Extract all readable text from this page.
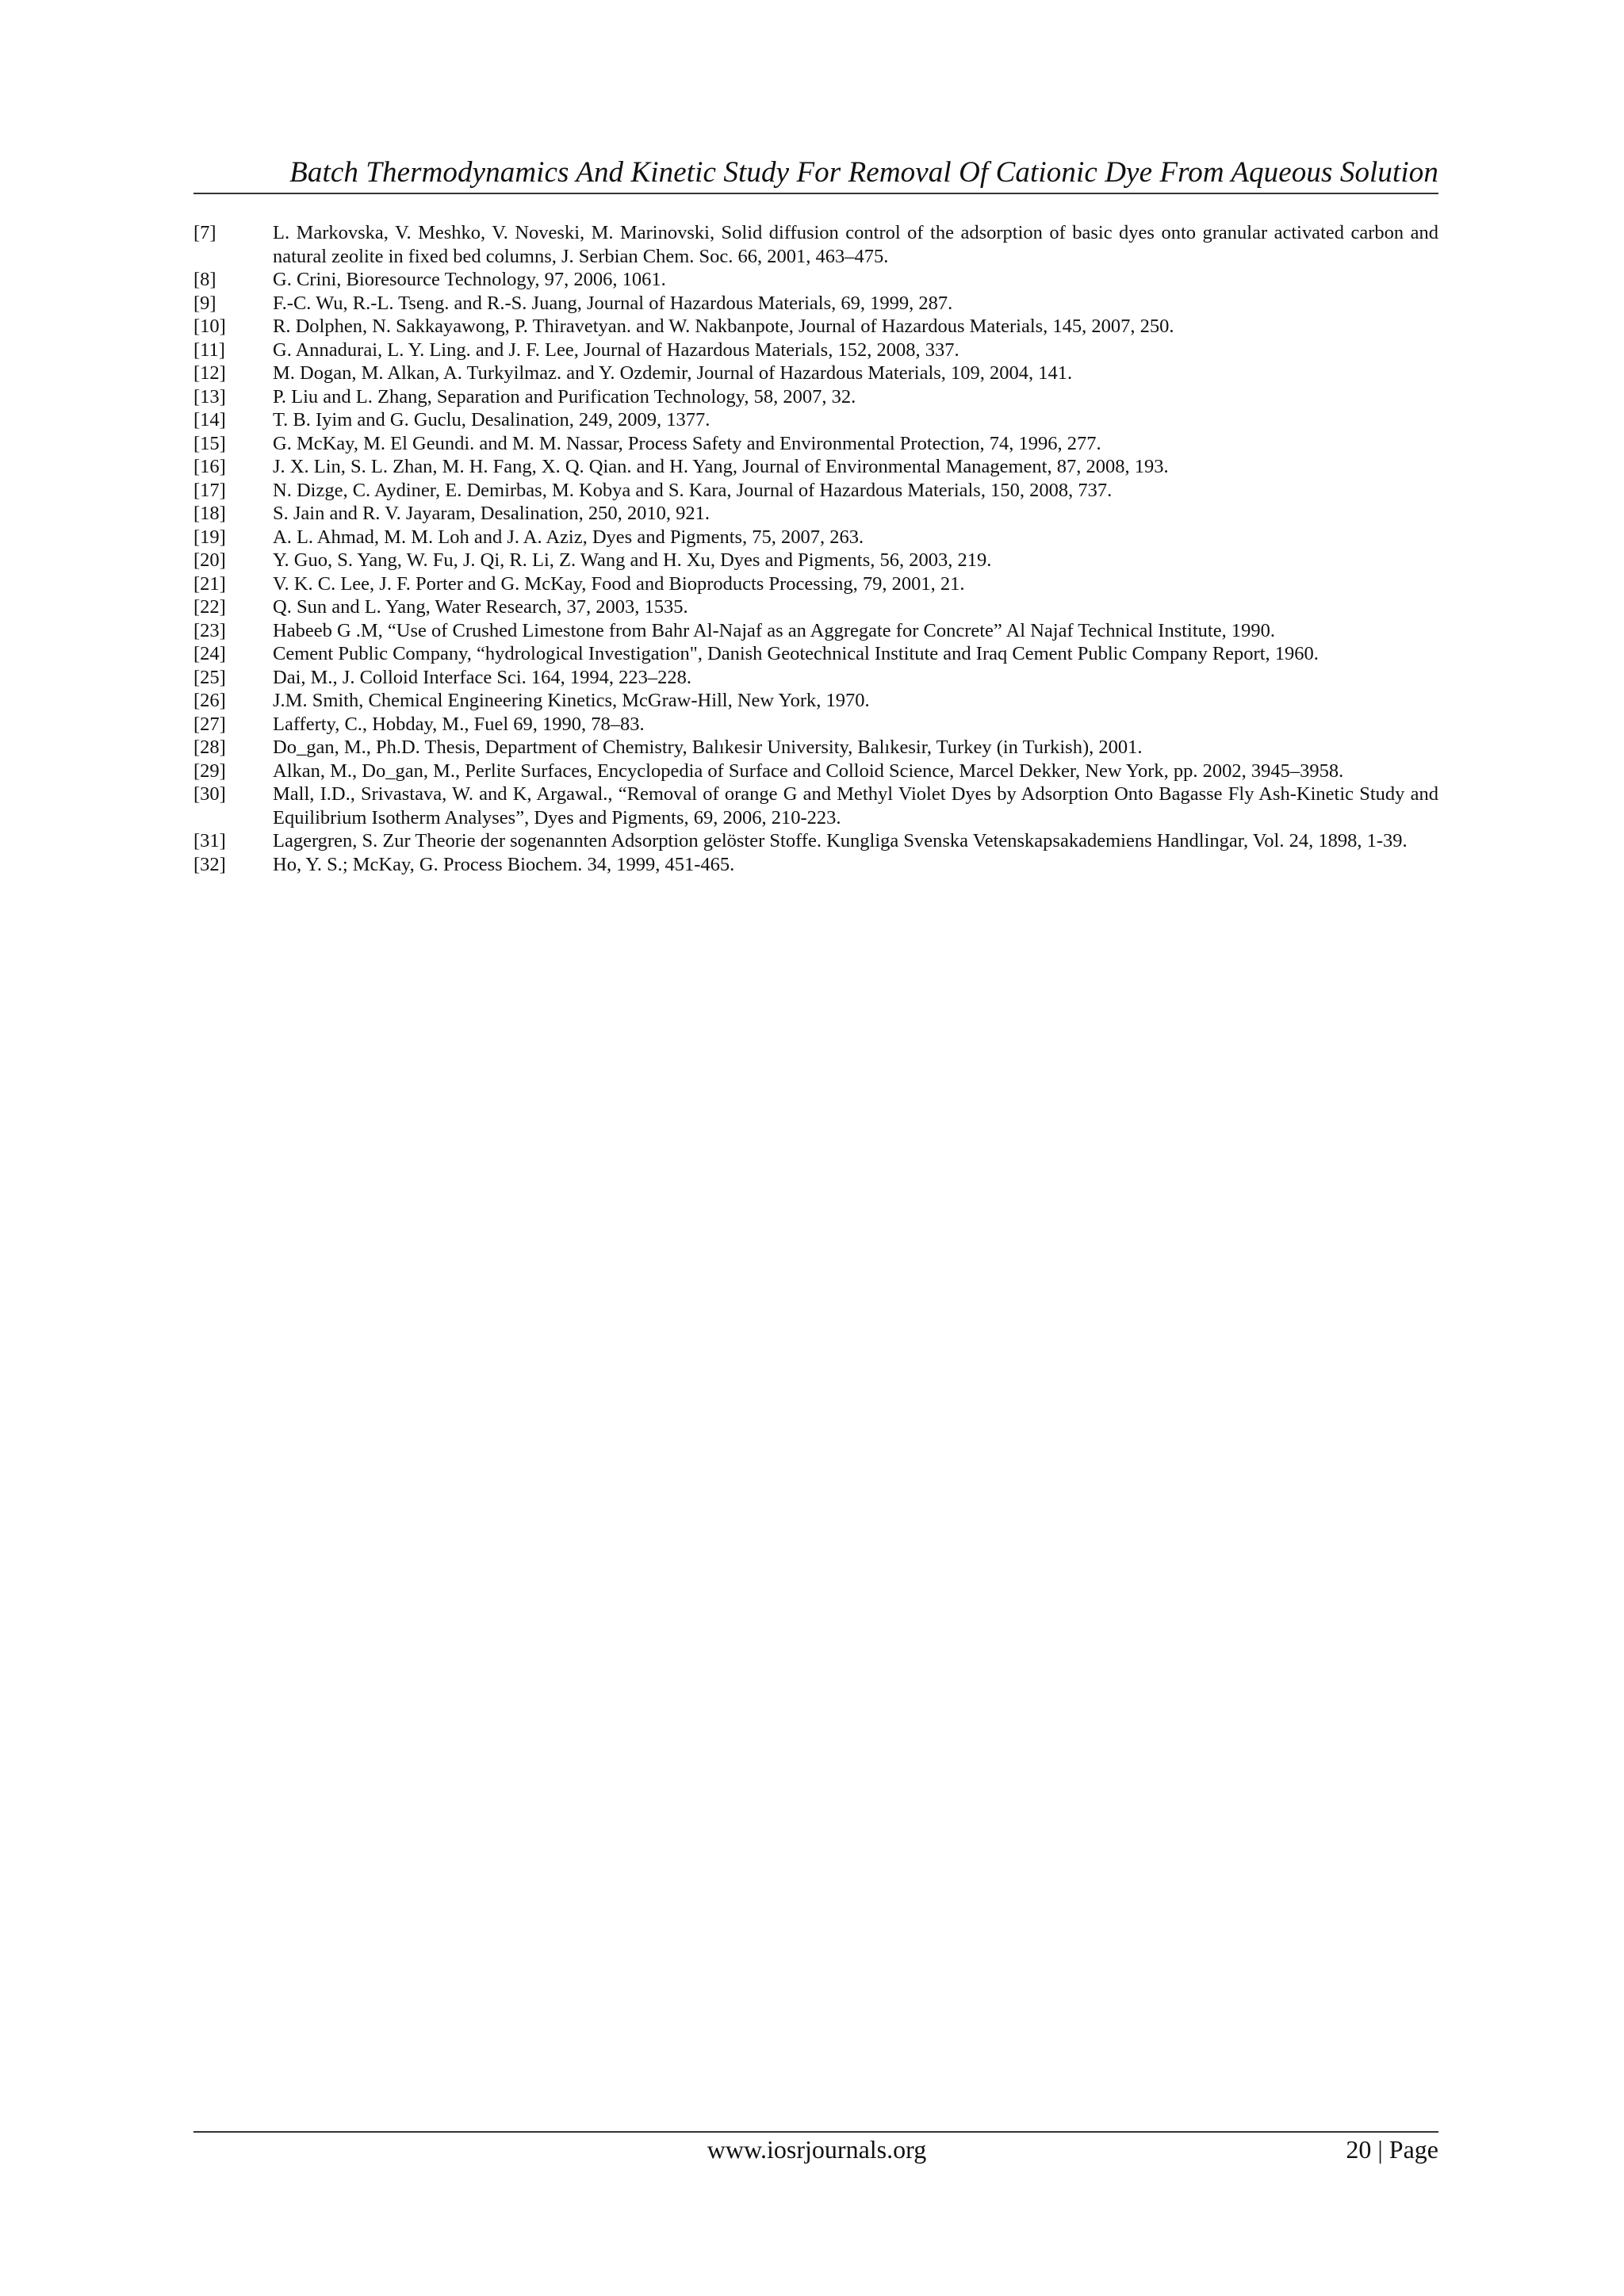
Batch Thermodynamics And Kinetic Study For Removal Of Cationic Dye From Aqueous Solution
[7]	L. Markovska, V. Meshko, V. Noveski, M. Marinovski, Solid diffusion control of the adsorption of basic dyes onto granular activated carbon and natural zeolite in fixed bed columns, J. Serbian Chem. Soc. 66, 2001, 463–475.
[8]	G. Crini, Bioresource Technology, 97, 2006, 1061.
[9]	F.-C. Wu, R.-L. Tseng. and R.-S. Juang, Journal of Hazardous Materials, 69, 1999, 287.
[10]	R. Dolphen, N. Sakkayawong, P. Thiravetyan. and W. Nakbanpote, Journal of Hazardous Materials, 145, 2007, 250.
[11]	G. Annadurai, L. Y. Ling. and J. F. Lee, Journal of Hazardous Materials, 152, 2008, 337.
[12]	M. Dogan, M. Alkan, A. Turkyilmaz. and Y. Ozdemir, Journal of Hazardous Materials, 109, 2004, 141.
[13]	P. Liu and L. Zhang, Separation and Purification Technology, 58, 2007, 32.
[14]	T. B. Iyim and G. Guclu, Desalination, 249, 2009, 1377.
[15]	G. McKay, M. El Geundi. and M. M. Nassar, Process Safety and Environmental Protection, 74, 1996, 277.
[16]	J. X. Lin, S. L. Zhan, M. H. Fang, X. Q. Qian. and H. Yang, Journal of Environmental Management, 87, 2008, 193.
[17]	N. Dizge, C. Aydiner, E. Demirbas, M. Kobya and S. Kara, Journal of Hazardous Materials, 150, 2008, 737.
[18]	S. Jain and R. V. Jayaram, Desalination, 250, 2010, 921.
[19]	A. L. Ahmad, M. M. Loh and J. A. Aziz, Dyes and Pigments, 75, 2007, 263.
[20]	Y. Guo, S. Yang, W. Fu, J. Qi, R. Li, Z. Wang and H. Xu, Dyes and Pigments, 56, 2003, 219.
[21]	V. K. C. Lee, J. F. Porter and G. McKay, Food and Bioproducts Processing, 79, 2001, 21.
[22]	Q. Sun and L. Yang, Water Research, 37, 2003, 1535.
[23]	Habeeb G .M, “Use of Crushed Limestone from Bahr Al-Najaf as an Aggregate for Concrete” Al Najaf Technical Institute, 1990.
[24]	Cement Public Company, “hydrological Investigation", Danish Geotechnical Institute and Iraq Cement Public Company Report, 1960.
[25]	Dai, M., J. Colloid Interface Sci. 164, 1994, 223–228.
[26]	J.M. Smith, Chemical Engineering Kinetics, McGraw-Hill, New York, 1970.
[27]	Lafferty, C., Hobday, M., Fuel 69, 1990, 78–83.
[28]	Do_gan, M., Ph.D. Thesis, Department of Chemistry, Balıkesir University, Balıkesir, Turkey (in Turkish), 2001.
[29]	Alkan, M., Do_gan, M., Perlite Surfaces, Encyclopedia of Surface and Colloid Science, Marcel Dekker, New York, pp. 2002, 3945–3958.
[30]	Mall, I.D., Srivastava, W. and K, Argawal., “Removal of orange G and Methyl Violet Dyes by Adsorption Onto Bagasse Fly Ash-Kinetic Study and Equilibrium Isotherm Analyses”, Dyes and Pigments, 69, 2006, 210-223.
[31]	Lagergren, S. Zur Theorie der sogenannten Adsorption gelöster Stoffe. Kungliga Svenska Vetenskapsakademiens Handlingar, Vol. 24, 1898, 1-39.
[32]	Ho, Y. S.; McKay, G. Process Biochem. 34, 1999, 451-465.
www.iosrjournals.org	20 | Page
